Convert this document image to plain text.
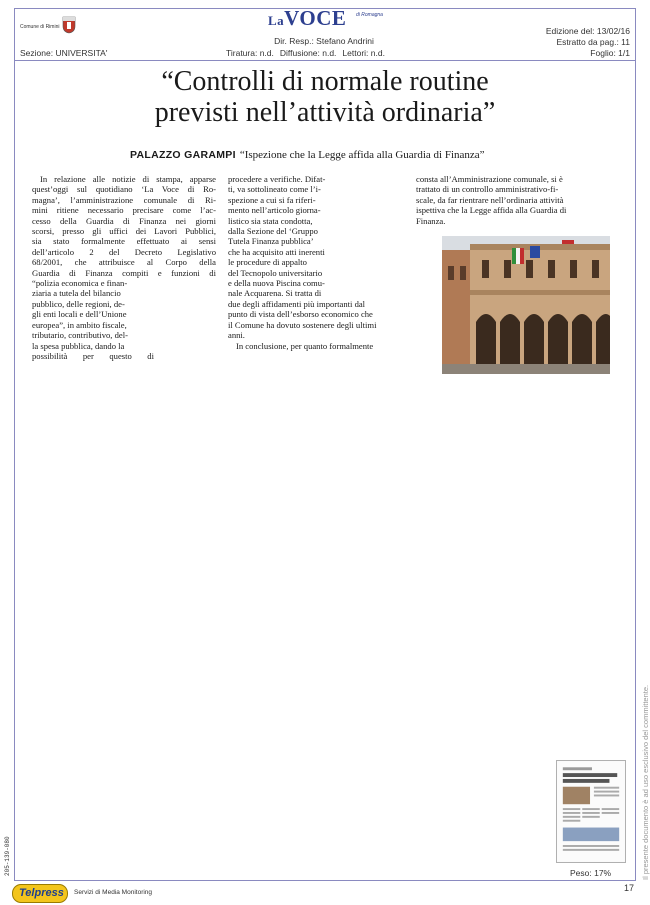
Comune di Rimini
Sezione: UNIVERSITA'
LaVOCE di Romagna
Dir. Resp.: Stefano Andrini
Tiratura: n.d. Diffusione: n.d. Lettori: n.d.
Edizione del: 13/02/16
Estratto da pag.: 11
Foglio: 1/1
“Controlli di normale routine
previsti nell’attività ordinaria”
PALAZZO GARAMPI “Ispezione che la Legge affida alla Guardia di Finanza”
In relazione alle notizie di stampa, apparse
quest’oggi sul quotidiano ‘La Voce di Ro-
magna’, l’amministrazione comunale di Ri-
mini ritiene necessario precisare come l’ac-
cesso della Guardia di Finanza nei giorni
scorsi, presso gli uffici dei Lavori Pubblici,
sia stato formalmente effettuato ai sensi
dell’articolo 2 del Decreto Legislativo
68/2001, che attribuisce al Corpo della
Guardia di Finanza compiti e funzioni di
“polizia economica e finan-
ziaria a tutela del bilancio
pubblico, delle regioni, de-
gli enti locali e dell’Unione
europea”, in ambito fiscale,
tributario, contributivo, del-
la spesa pubblica, dando la
possibilità per questo di
procedere a verifiche. Difat-
ti, va sottolineato come l’i-
spezione a cui si fa riferi-
mento nell’articolo giorna-
listico sia stata condotta,
dalla Sezione del ‘Gruppo
Tutela Finanza pubblica’
che ha acquisito atti inerenti
le procedure di appalto
del Tecnopolo universitario
e della nuova Piscina comu-
nale Acquarena. Si tratta di
due degli affidamenti più importanti dal
punto di vista dell’esborso economico che
il Comune ha dovuto sostenere degli ultimi
anni.
In conclusione, per quanto formalmente
consta all’Amministrazione comunale, si è
trattato di un controllo amministrativo-fi-
scale, da far rientrare nell’ordinaria attività
ispettiva che la Legge affida alla Guardia di
Finanza.
Peso: 17%
17
Telpress Servizi di Media Monitoring
205-139-080	Il presente documento è ad uso esclusivo del committente.
